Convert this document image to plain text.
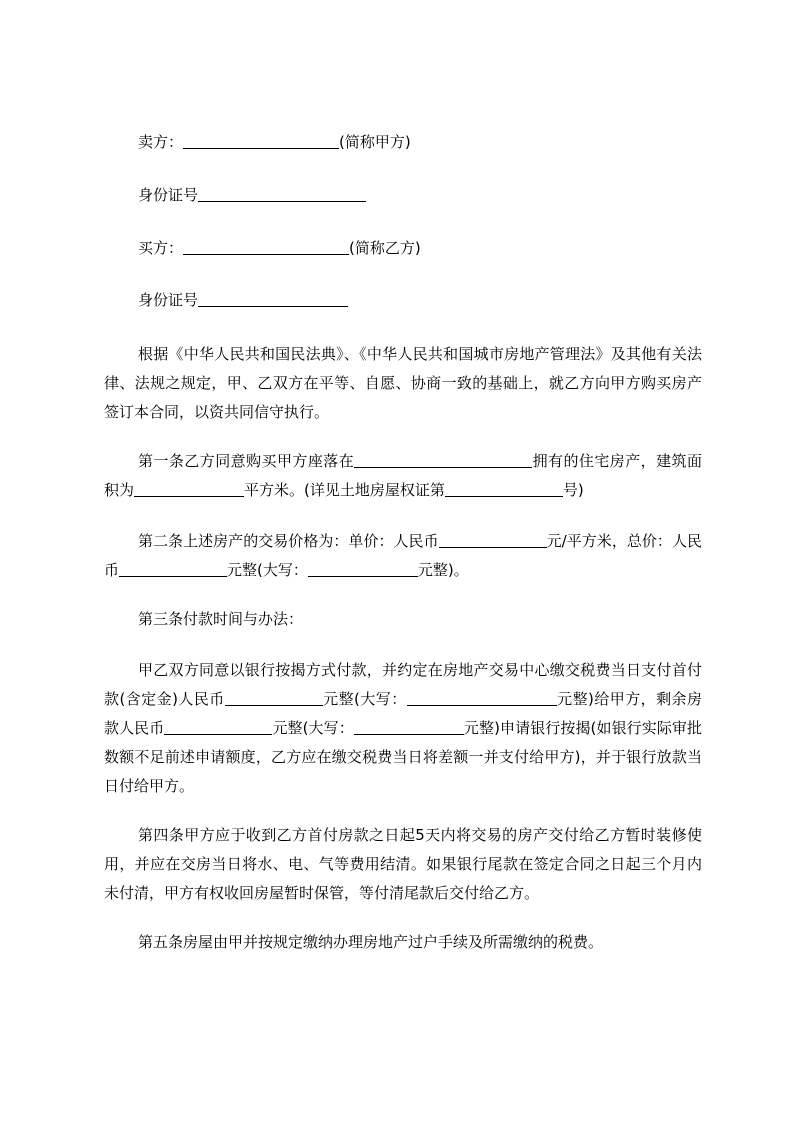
卖方：	(简称甲方)
身份证号
买方：	(简称乙方)
身份证号
根据《中华人民共和国民法典》、《中华人民共和国城市房地产管理法》及其他有关法律、法规之规定，甲、乙双方在平等、自愿、协商一致的基础上，就乙方向甲方购买房产签订本合同，以资共同信守执行。
第一条乙方同意购买甲方座落在	拥有的住宅房产，建筑面积为	平方米。(详见土地房屋权证第	号)
第二条上述房产的交易价格为：单价：人民币	元/平方米，总价：人民币	元整(大写：	元整)。
第三条付款时间与办法：
甲乙双方同意以银行按揭方式付款，并约定在房地产交易中心缴交税费当日支付首付款(含定金)人民币	元整(大写：	元整)给甲方，剩余房款人民币	元整(大写：	元整)申请银行按揭(如银行实际审批数额不足前述申请额度，乙方应在缴交税费当日将差额一并支付给甲方)，并于银行放款当日付给甲方。
第四条甲方应于收到乙方首付房款之日起5天内将交易的房产交付给乙方暂时装修使用，并应在交房当日将水、电、气等费用结清。如果银行尾款在签定合同之日起三个月内未付清，甲方有权收回房屋暂时保管，等付清尾款后交付给乙方。
第五条房屋由甲并按规定缴纳办理房地产过户手续及所需缴纳的税费。
